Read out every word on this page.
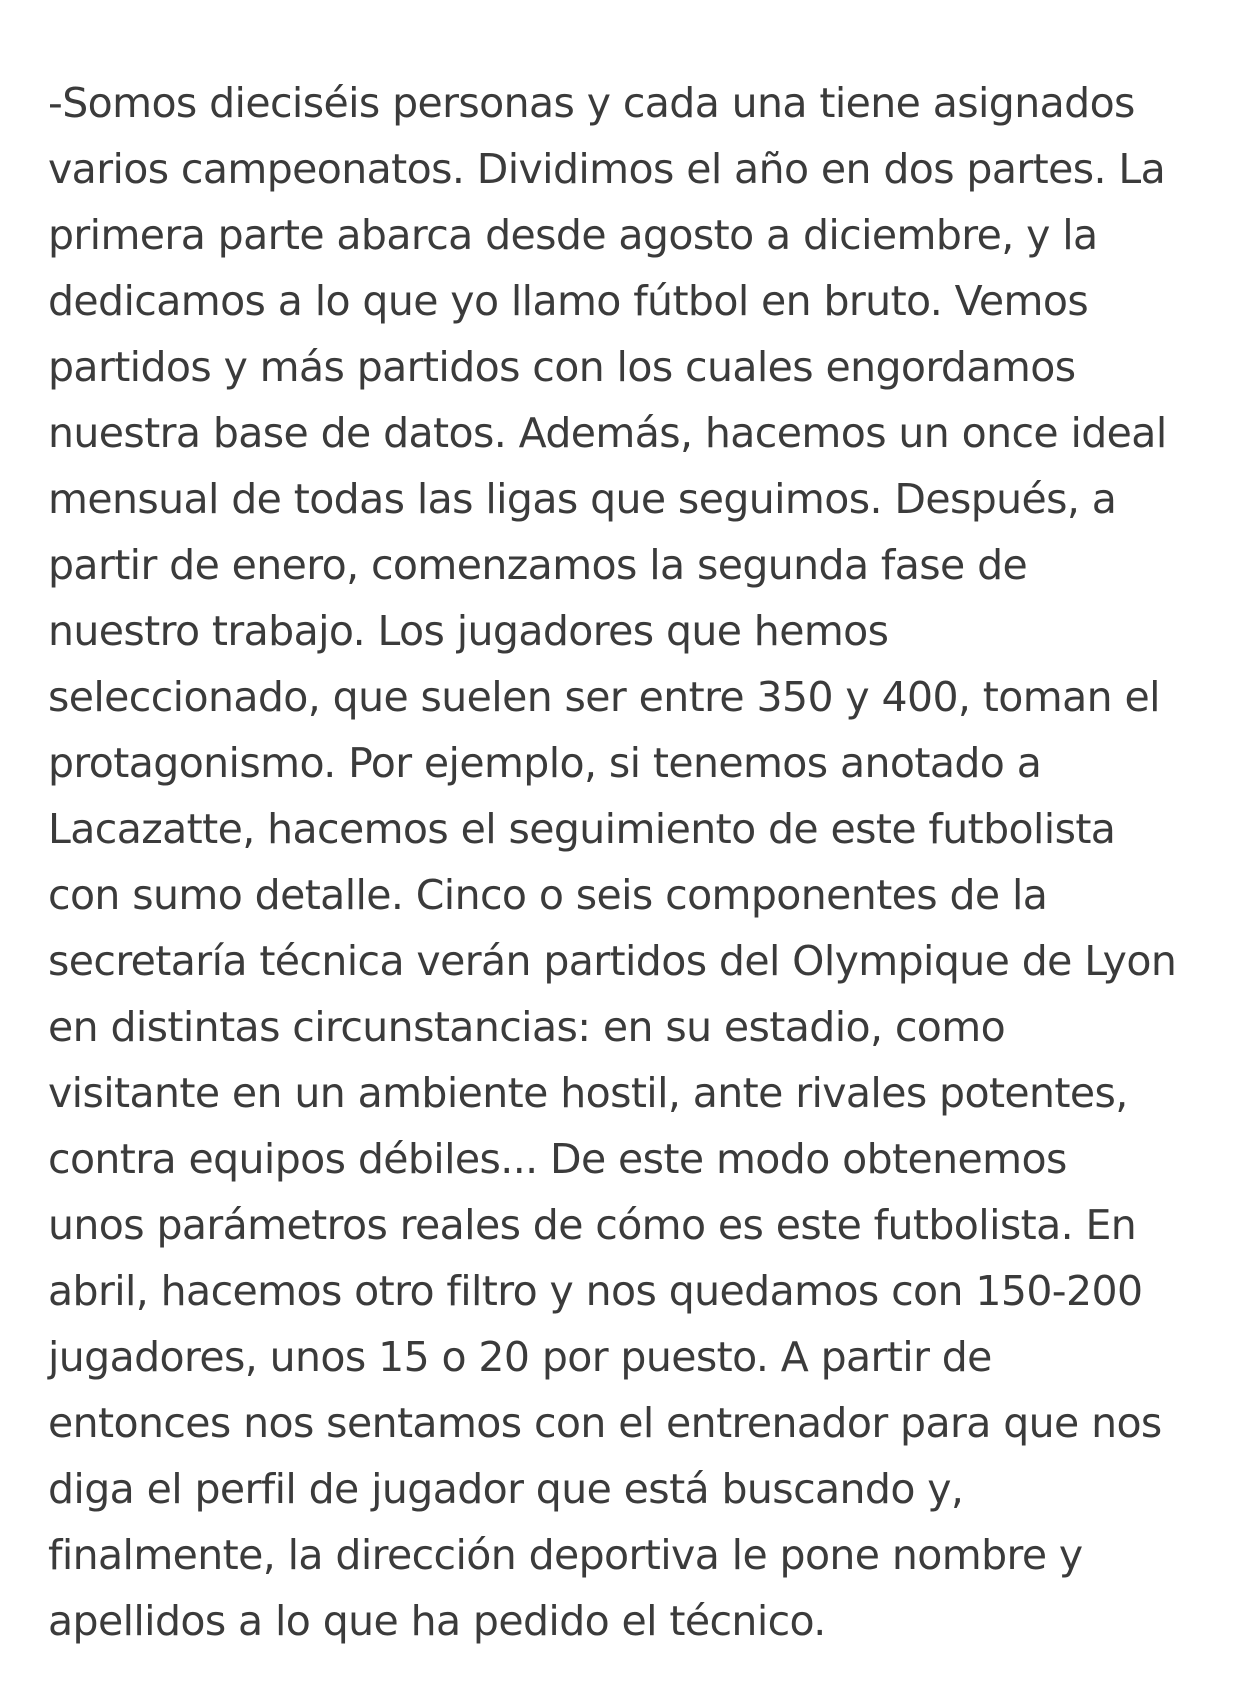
-Somos dieciséis personas y cada una tiene asignados
varios campeonatos. Dividimos el año en dos partes. La
primera parte abarca desde agosto a diciembre, y la
dedicamos a lo que yo llamo fútbol en bruto. Vemos
partidos y más partidos con los cuales engordamos
nuestra base de datos. Además, hacemos un once ideal
mensual de todas las ligas que seguimos. Después, a
partir de enero, comenzamos la segunda fase de
nuestro trabajo. Los jugadores que hemos
seleccionado, que suelen ser entre 350 y 400, toman el
protagonismo. Por ejemplo, si tenemos anotado a
Lacazatte, hacemos el seguimiento de este futbolista
con sumo detalle. Cinco o seis componentes de la
secretaría técnica verán partidos del Olympique de Lyon
en distintas circunstancias: en su estadio, como
visitante en un ambiente hostil, ante rivales potentes,
contra equipos débiles... De este modo obtenemos
unos parámetros reales de cómo es este futbolista. En
abril, hacemos otro filtro y nos quedamos con 150-200
jugadores, unos 15 o 20 por puesto. A partir de
entonces nos sentamos con el entrenador para que nos
diga el perfil de jugador que está buscando y,
finalmente, la dirección deportiva le pone nombre y
apellidos a lo que ha pedido el técnico.
